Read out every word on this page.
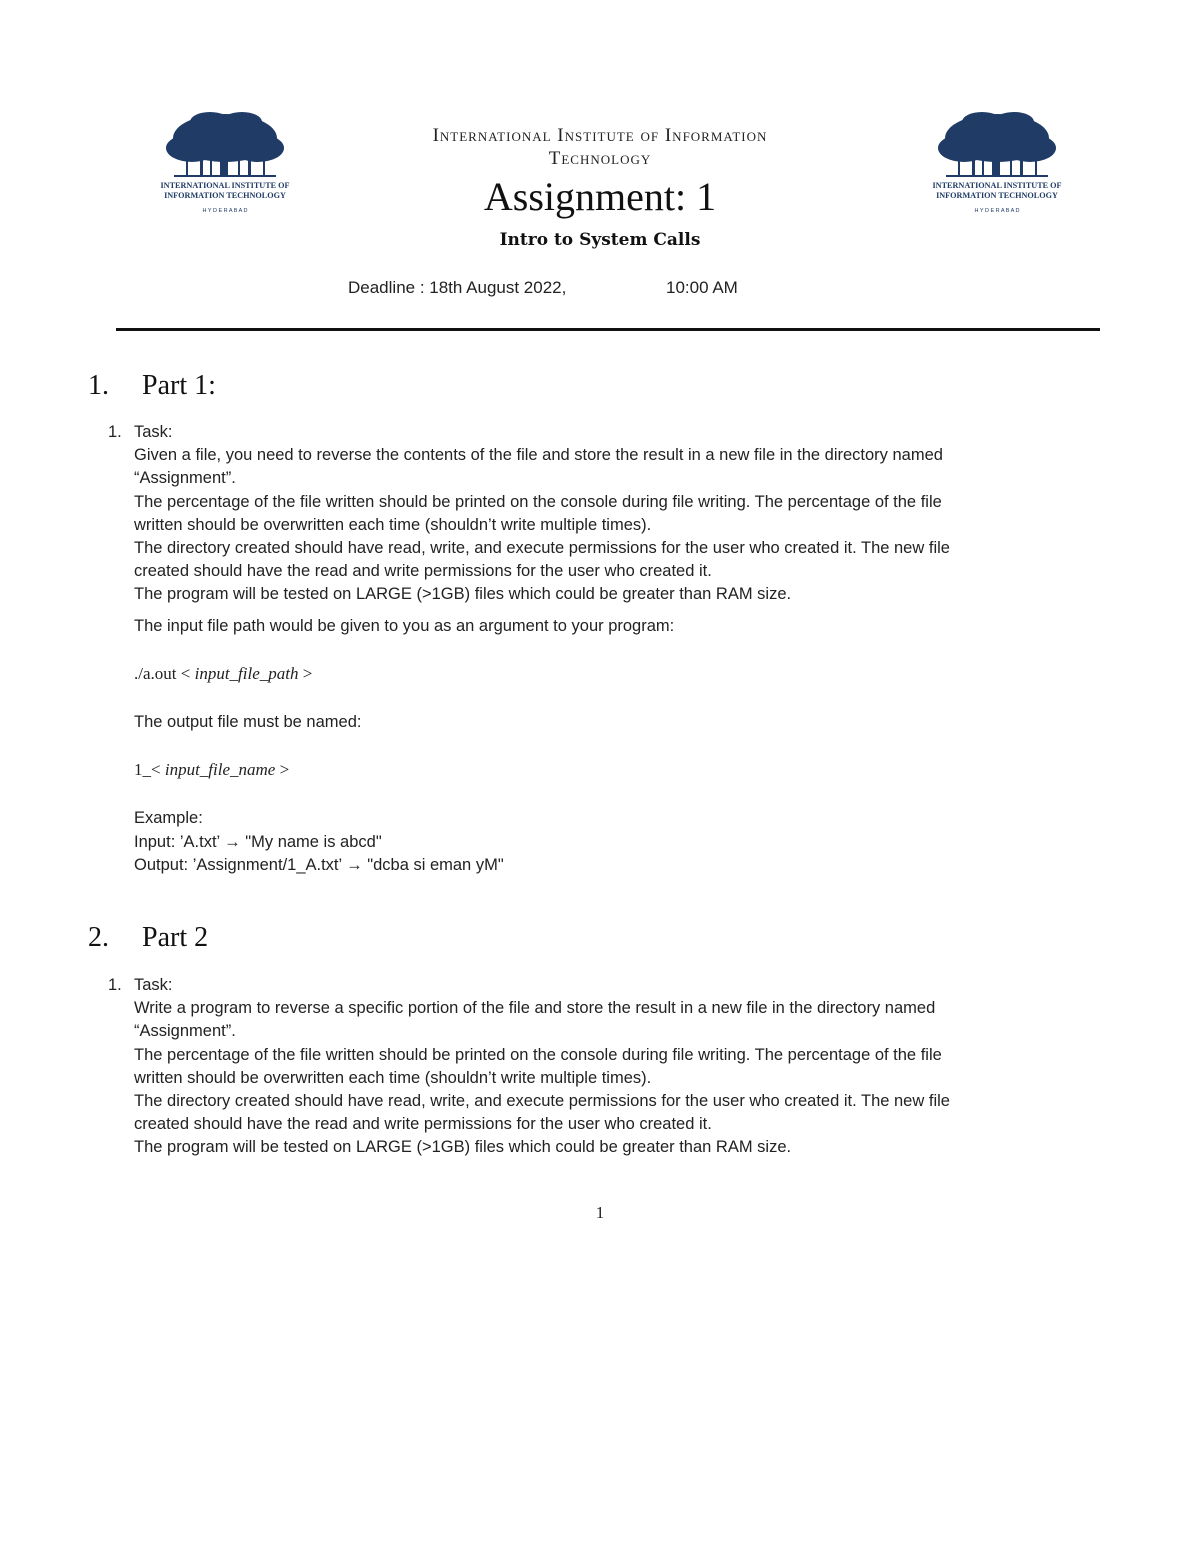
INTERNATIONAL INSTITUTE OF
INFORMATION TECHNOLOGY
H Y D E R A B A D
INTERNATIONAL INSTITUTE OF
INFORMATION TECHNOLOGY
H Y D E R A B A D
International Institute of Information
Technology
Assignment: 1
Intro to System Calls
Deadline : 18th August 2022,	10:00 AM
1. Part 1:
1. Task:

Given a file, you need to reverse the contents of the file and store the result in a new file in the directory named

“Assignment”.

The percentage of the file written should be printed on the console during file writing. The percentage of the file

written should be overwritten each time (shouldn’t write multiple times).

The directory created should have read, write, and execute permissions for the user who created it. The new file

created should have the read and write permissions for the user who created it.

The program will be tested on LARGE (>1GB) files which could be greater than RAM size.

The input file path would be given to you as an argument to your program:

./a.out < input_file_path >

The output file must be named:

1_< input_file_name >

Example:

Input: ’A.txt’ → "My name is abcd"

Output: ’Assignment/1_A.txt’ → "dcba si eman yM"

2. Part 2
1. Task:

Write a program to reverse a specific portion of the file and store the result in a new file in the directory named

“Assignment”.

The percentage of the file written should be printed on the console during file writing. The percentage of the file

written should be overwritten each time (shouldn’t write multiple times).

The directory created should have read, write, and execute permissions for the user who created it. The new file

created should have the read and write permissions for the user who created it.

The program will be tested on LARGE (>1GB) files which could be greater than RAM size.

1
